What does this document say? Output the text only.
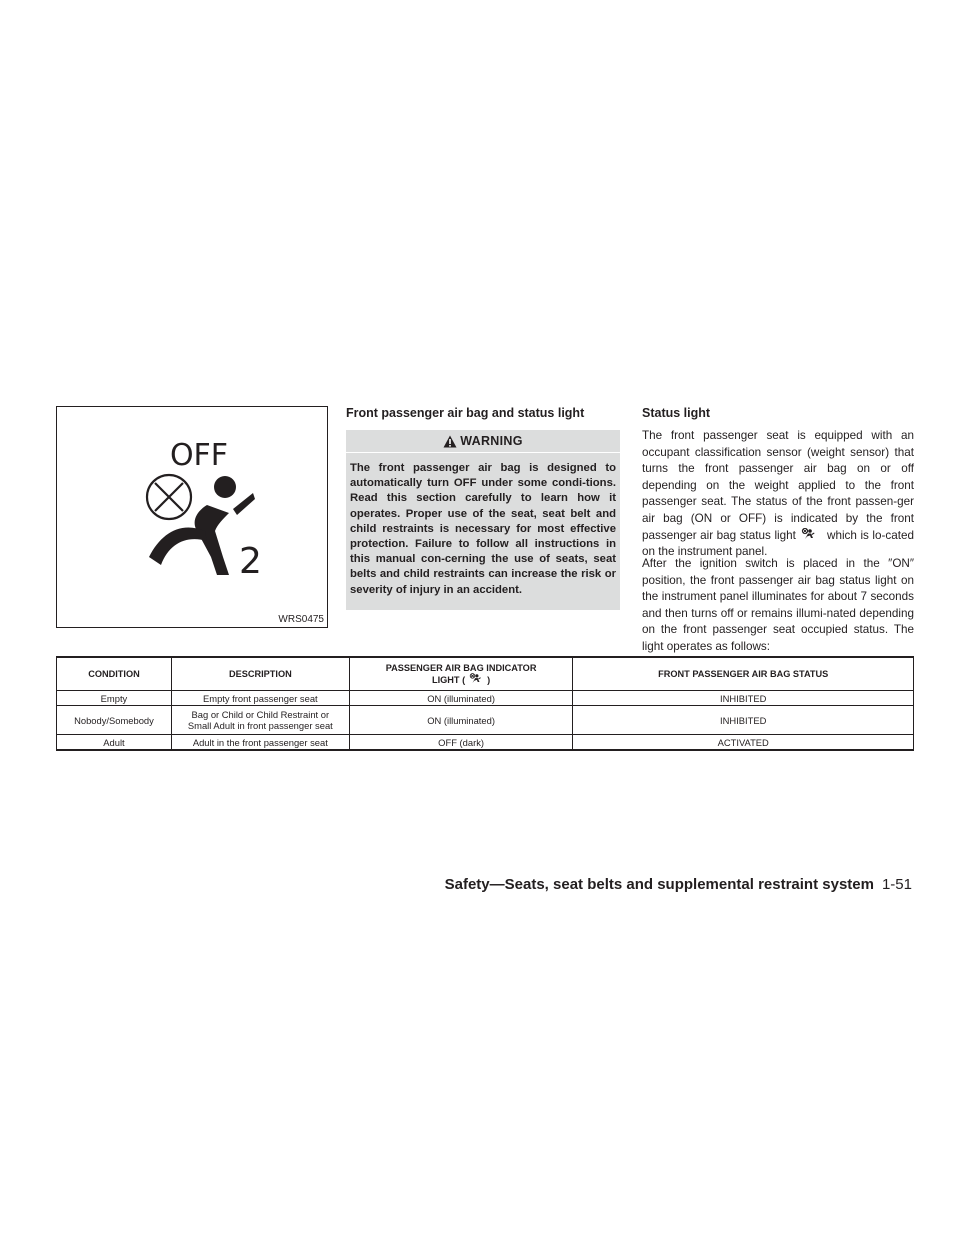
OFF
2
WRS0475
Front passenger air bag and status light
WARNING
The front passenger air bag is designed to automatically turn OFF under some condi-tions. Read this section carefully to learn how it operates. Proper use of the seat, seat belt and child restraints is necessary for most effective protection. Failure to follow all instructions in this manual con-cerning the use of seats, seat belts and child restraints can increase the risk or severity of injury in an accident.
Status light
The front passenger seat is equipped with an occupant classification sensor (weight sensor) that turns the front passenger air bag on or off depending on the weight applied to the front passenger seat. The status of the front passen-ger air bag (ON or OFF) is indicated by the front passenger air bag status light	which is lo-cated on the instrument panel.
After the ignition switch is placed in the ″ON″ position, the front passenger air bag status light on the instrument panel illuminates for about 7 seconds and then turns off or remains illumi-nated depending on the front passenger seat occupied status. The light operates as follows:
CONDITION	DESCRIPTION	PASSENGER AIR BAG INDICATOR
LIGHT ( )	FRONT PASSENGER AIR BAG STATUS
Empty	Empty front passenger seat	ON (illuminated)	INHIBITED
Nobody/Somebody	Bag or Child or Child Restraint or
Small Adult in front passenger seat	ON (illuminated)	INHIBITED
Adult	Adult in the front passenger seat	OFF (dark)	ACTIVATED
Safety—Seats, seat belts and supplemental restraint system 1-51
